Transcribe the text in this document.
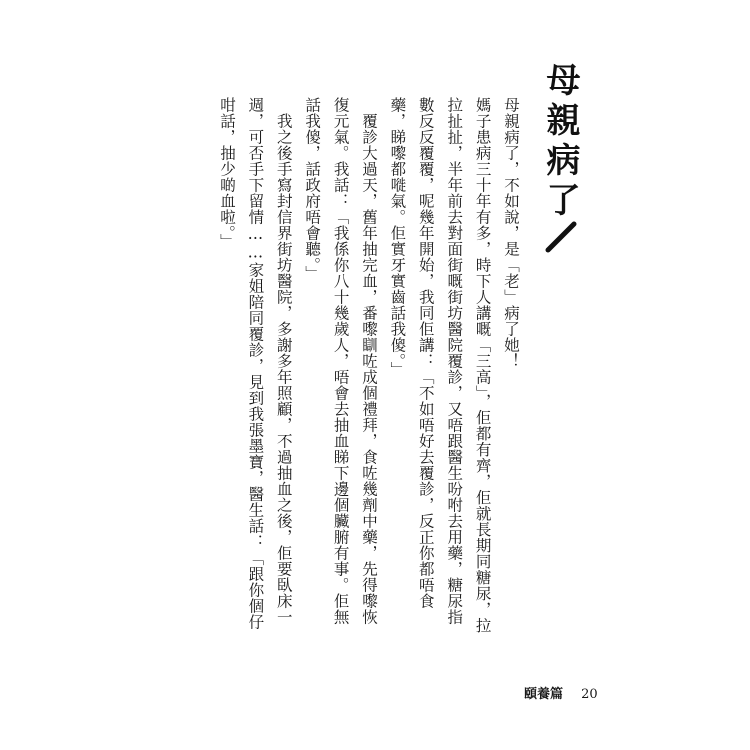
母親病了

母親病了，不如說，是「老」病了她！

媽子患病三十年有多，時下人講嘅「三高」，佢都有齊，佢就長期同糖尿，拉拉扯扯，半年前去對面街嘅街坊醫院覆診，又唔跟醫生吩咐去用藥，糖尿指數反反覆覆，呢幾年開始，我同佢講：「不如唔好去覆診，反正你都唔食藥，睇嚟都嘥氣。佢實牙實齒話我傻。」

覆診大過天，舊年抽完血，番嚟瞓咗成個禮拜，食咗幾劑中藥，先得嚟恢復元氣。我話：「我係你八十幾歲人，唔會去抽血睇下邊個臟腑有事。佢無話我傻，話政府唔會聽。」

我之後手寫封信界街坊醫院，多謝多年照顧，不過抽血之後，佢要臥床一週，可否手下留情……家姐陪同覆診，見到我張墨寶，醫生話：「跟你個仔咁話，抽少啲血啦。」

頤養篇 20
